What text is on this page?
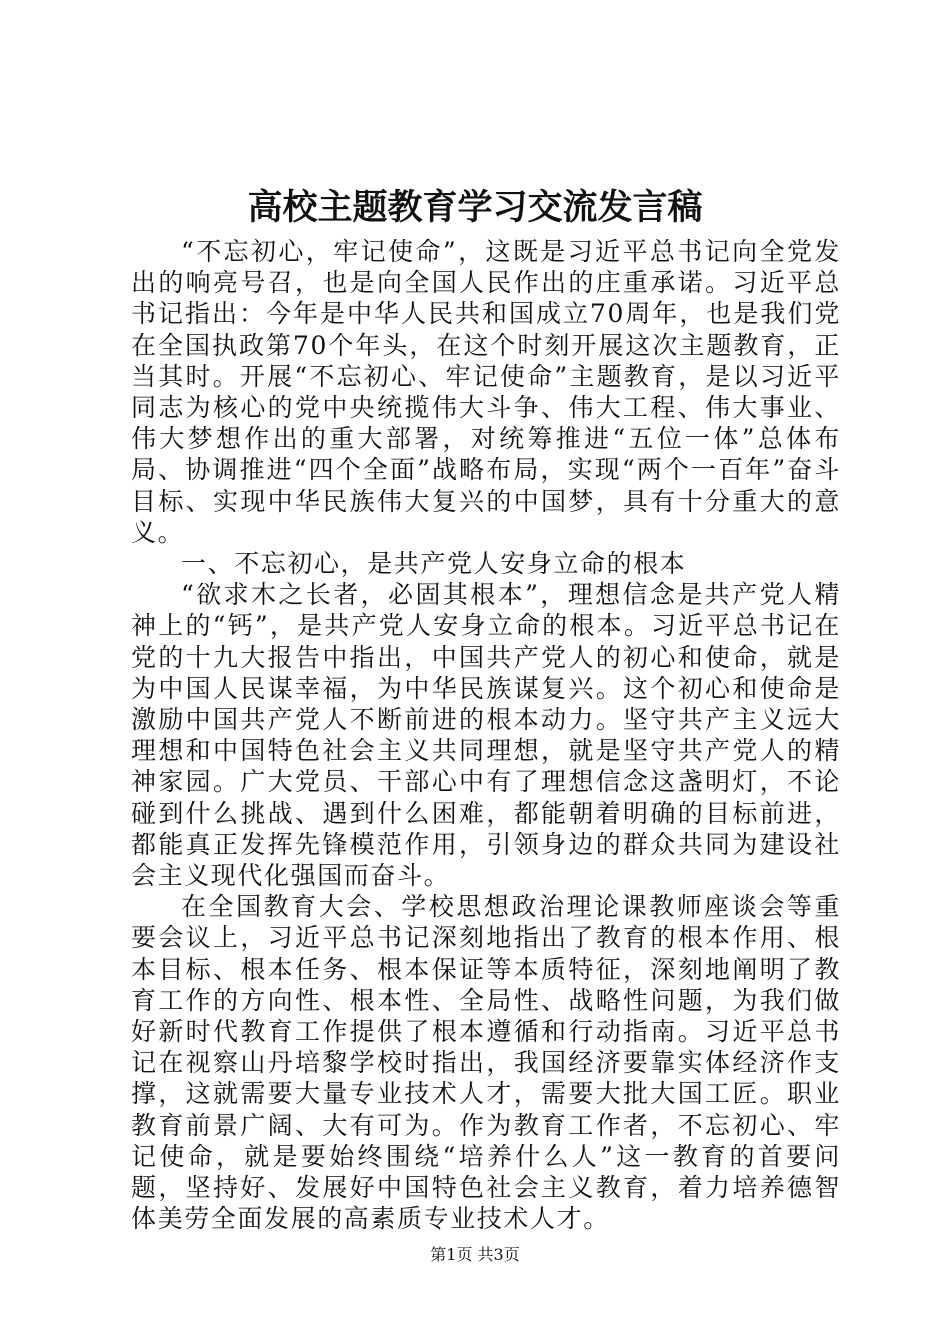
高校主题教育学习交流发言稿

“不忘初心，牢记使命”，这既是习近平总书记向全党发出的响亮号召，也是向全国人民作出的庄重承诺。习近平总书记指出：今年是中华人民共和国成立70周年，也是我们党在全国执政第70个年头，在这个时刻开展这次主题教育，正当其时。开展“不忘初心、牢记使命”主题教育，是以习近平同志为核心的党中央统揽伟大斗争、伟大工程、伟大事业、伟大梦想作出的重大部署，对统筹推进“五位一体”总体布局、协调推进“四个全面”战略布局，实现“两个一百年”奋斗目标、实现中华民族伟大复兴的中国梦，具有十分重大的意义。

一、不忘初心，是共产党人安身立命的根本

“欲求木之长者，必固其根本”，理想信念是共产党人精神上的“钙”，是共产党人安身立命的根本。习近平总书记在党的十九大报告中指出，中国共产党人的初心和使命，就是为中国人民谋幸福，为中华民族谋复兴。这个初心和使命是激励中国共产党人不断前进的根本动力。坚守共产主义远大理想和中国特色社会主义共同理想，就是坚守共产党人的精神家园。广大党员、干部心中有了理想信念这盏明灯，不论碰到什么挑战、遇到什么困难，都能朝着明确的目标前进，都能真正发挥先锋模范作用，引领身边的群众共同为建设社会主义现代化强国而奋斗。

在全国教育大会、学校思想政治理论课教师座谈会等重要会议上，习近平总书记深刻地指出了教育的根本作用、根本目标、根本任务、根本保证等本质特征，深刻地阐明了教育工作的方向性、根本性、全局性、战略性问题，为我们做好新时代教育工作提供了根本遵循和行动指南。习近平总书记在视察山丹培黎学校时指出，我国经济要靠实体经济作支撑，这就需要大量专业技术人才，需要大批大国工匠。职业教育前景广阔、大有可为。作为教育工作者，不忘初心、牢记使命，就是要始终围绕“培养什么人”这一教育的首要问题，坚持好、发展好中国特色社会主义教育，着力培养德智体美劳全面发展的高素质专业技术人才。

第1页 共3页
